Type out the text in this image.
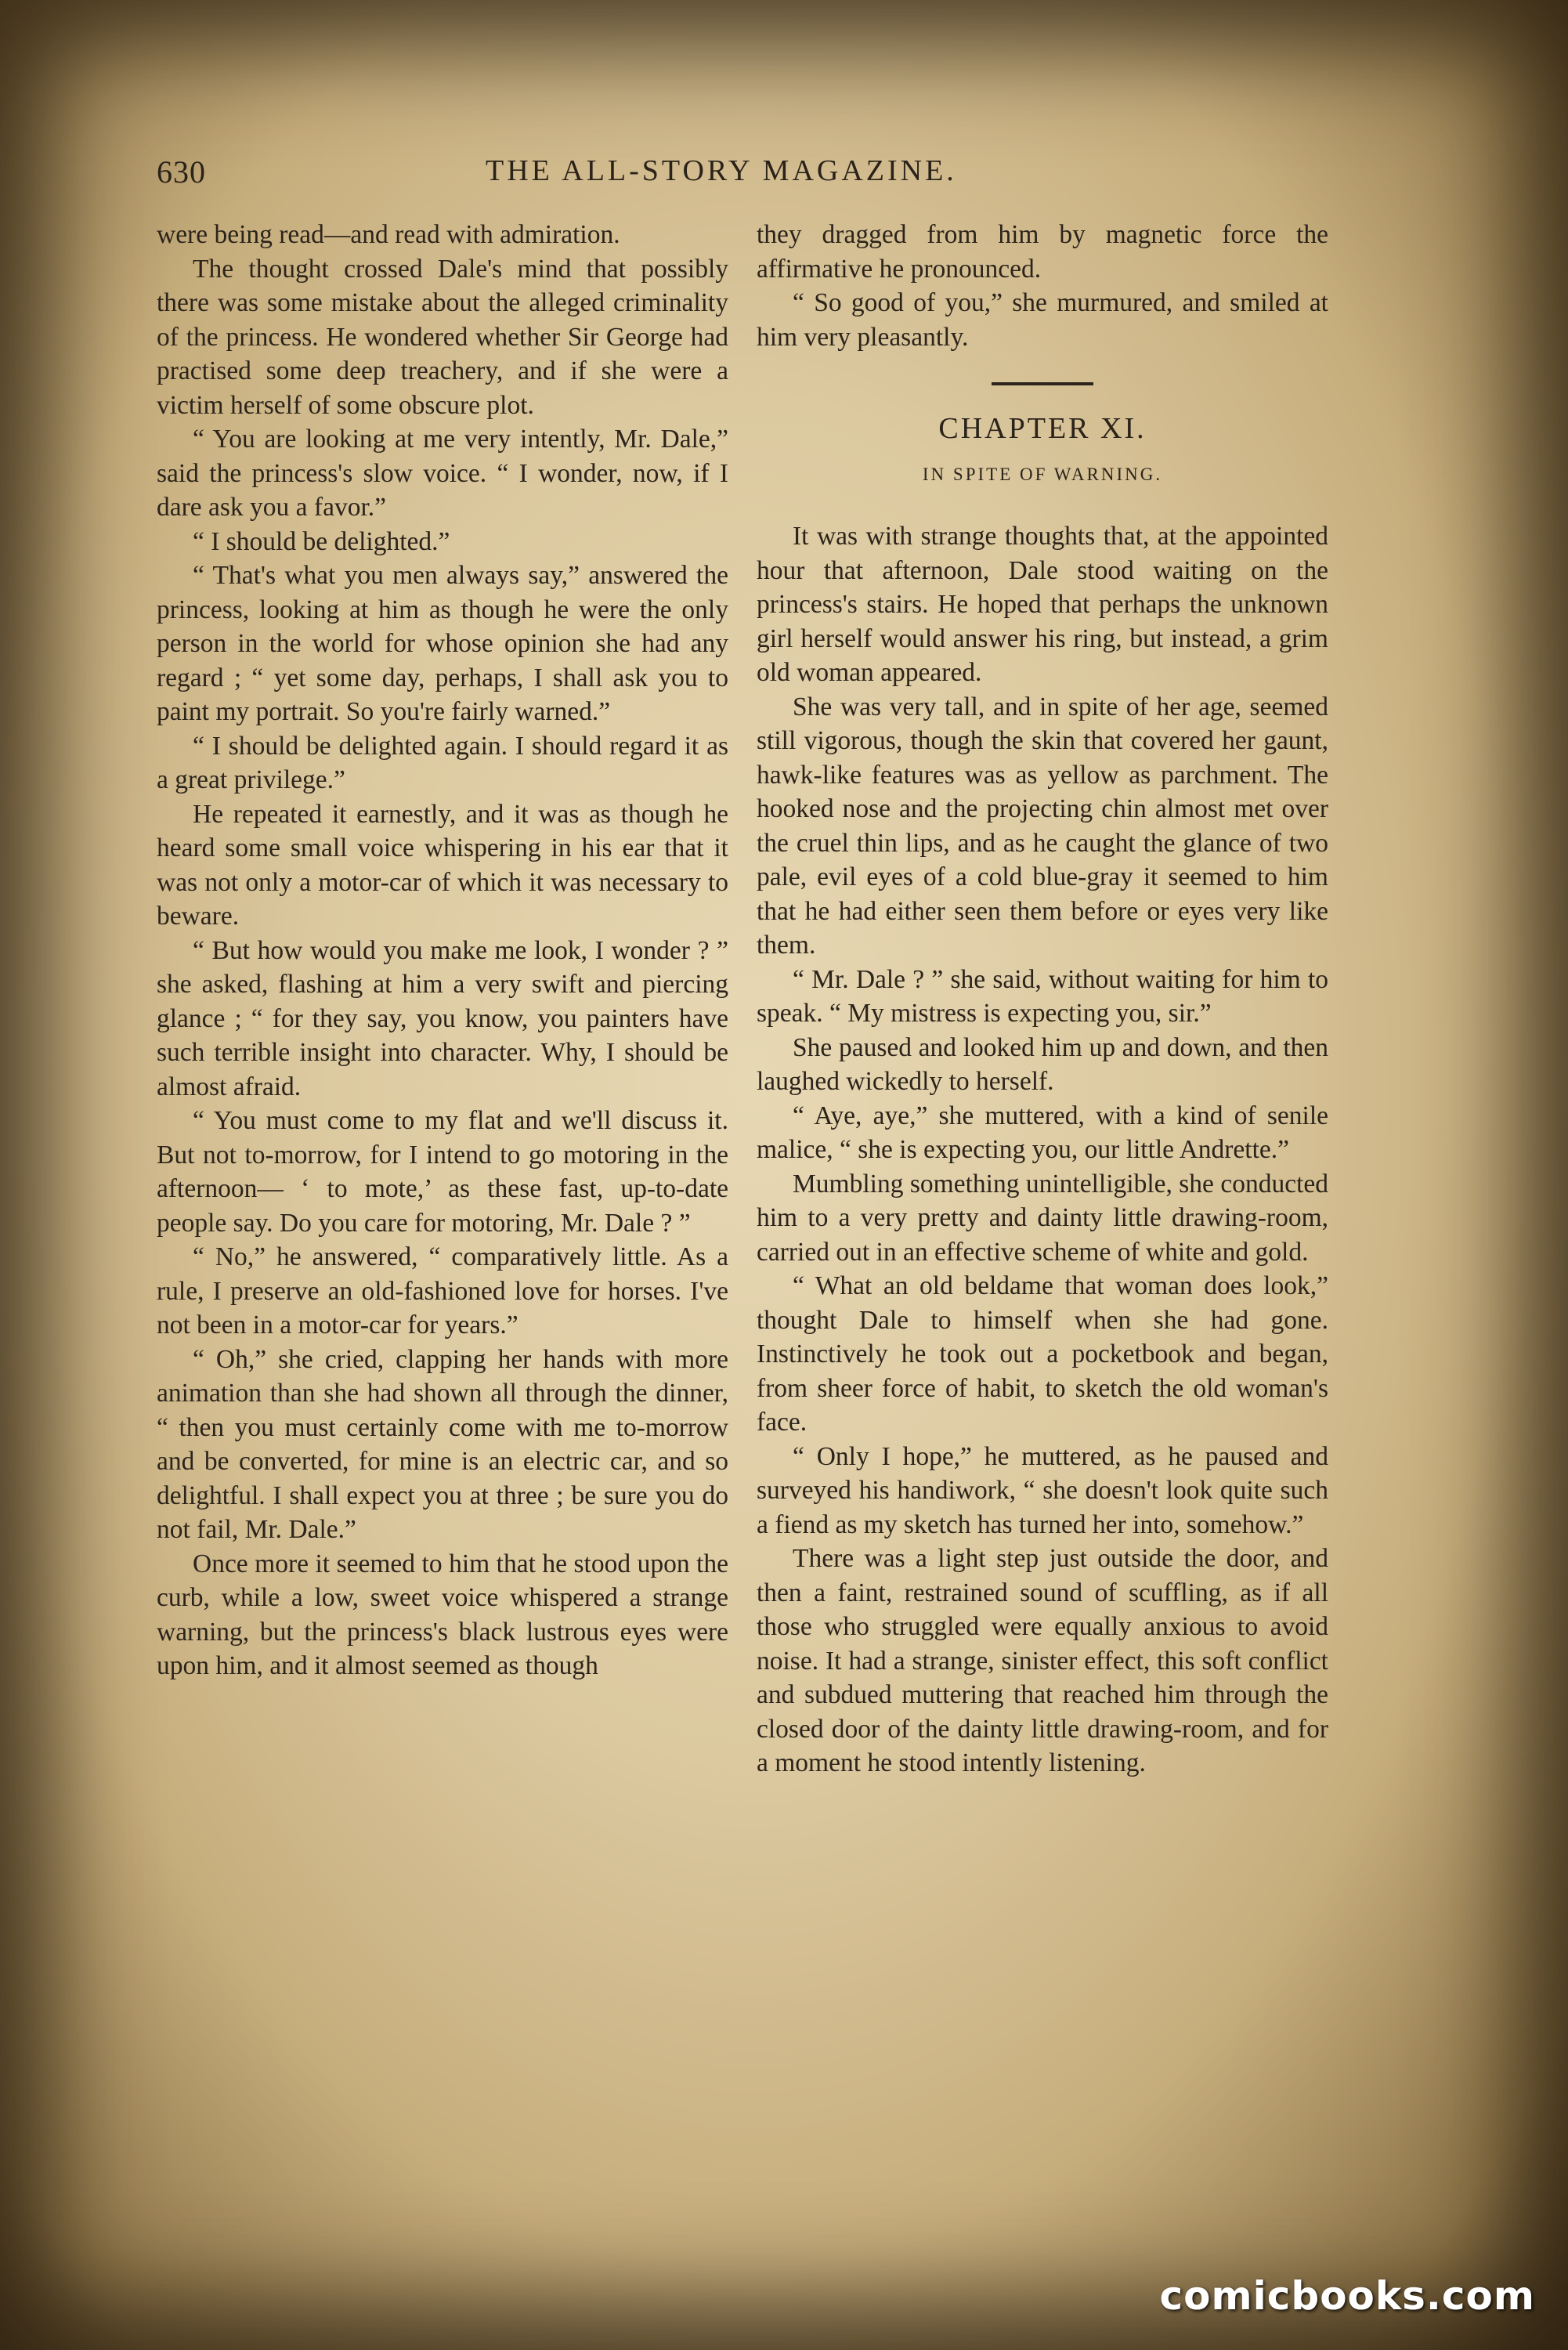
630	THE ALL-STORY MAGAZINE.

were being read—and read with admiration.

The thought crossed Dale's mind that possibly there was some mistake about the alleged criminality of the princess. He wondered whether Sir George had practised some deep treachery, and if she were a victim herself of some obscure plot.

“ You are looking at me very intently, Mr. Dale,” said the princess's slow voice. “ I wonder, now, if I dare ask you a favor.”

“ I should be delighted.”

“ That's what you men always say,” answered the princess, looking at him as though he were the only person in the world for whose opinion she had any regard ; “ yet some day, perhaps, I shall ask you to paint my portrait. So you're fairly warned.”

“ I should be delighted again. I should regard it as a great privilege.”

He repeated it earnestly, and it was as though he heard some small voice whispering in his ear that it was not only a motor-car of which it was necessary to beware.

“ But how would you make me look, I wonder ? ” she asked, flashing at him a very swift and piercing glance ; “ for they say, you know, you painters have such terrible insight into character. Why, I should be almost afraid.

“ You must come to my flat and we'll discuss it. But not to-morrow, for I intend to go motoring in the afternoon— ‘ to mote,’ as these fast, up-to-date people say. Do you care for motoring, Mr. Dale ? ”

“ No,” he answered, “ comparatively little. As a rule, I preserve an old-fashioned love for horses. I've not been in a motor-car for years.”

“ Oh,” she cried, clapping her hands with more animation than she had shown all through the dinner, “ then you must certainly come with me to-morrow and be converted, for mine is an electric car, and so delightful. I shall expect you at three ; be sure you do not fail, Mr. Dale.”

Once more it seemed to him that he stood upon the curb, while a low, sweet voice whispered a strange warning, but the princess's black lustrous eyes were upon him, and it almost seemed as though

they dragged from him by magnetic force the affirmative he pronounced.

“ So good of you,” she murmured, and smiled at him very pleasantly.

CHAPTER XI.
IN SPITE OF WARNING.

It was with strange thoughts that, at the appointed hour that afternoon, Dale stood waiting on the princess's stairs. He hoped that perhaps the unknown girl herself would answer his ring, but instead, a grim old woman appeared.

She was very tall, and in spite of her age, seemed still vigorous, though the skin that covered her gaunt, hawk-like features was as yellow as parchment. The hooked nose and the projecting chin almost met over the cruel thin lips, and as he caught the glance of two pale, evil eyes of a cold blue-gray it seemed to him that he had either seen them before or eyes very like them.

“ Mr. Dale ? ” she said, without waiting for him to speak. “ My mistress is expecting you, sir.”

She paused and looked him up and down, and then laughed wickedly to herself.

“ Aye, aye,” she muttered, with a kind of senile malice, “ she is expecting you, our little Andrette.”

Mumbling something unintelligible, she conducted him to a very pretty and dainty little drawing-room, carried out in an effective scheme of white and gold.

“ What an old beldame that woman does look,” thought Dale to himself when she had gone. Instinctively he took out a pocketbook and began, from sheer force of habit, to sketch the old woman's face.

“ Only I hope,” he muttered, as he paused and surveyed his handiwork, “ she doesn't look quite such a fiend as my sketch has turned her into, somehow.”

There was a light step just outside the door, and then a faint, restrained sound of scuffling, as if all those who struggled were equally anxious to avoid noise. It had a strange, sinister effect, this soft conflict and subdued muttering that reached him through the closed door of the dainty little drawing-room, and for a moment he stood intently listening.

comicbooks.com
